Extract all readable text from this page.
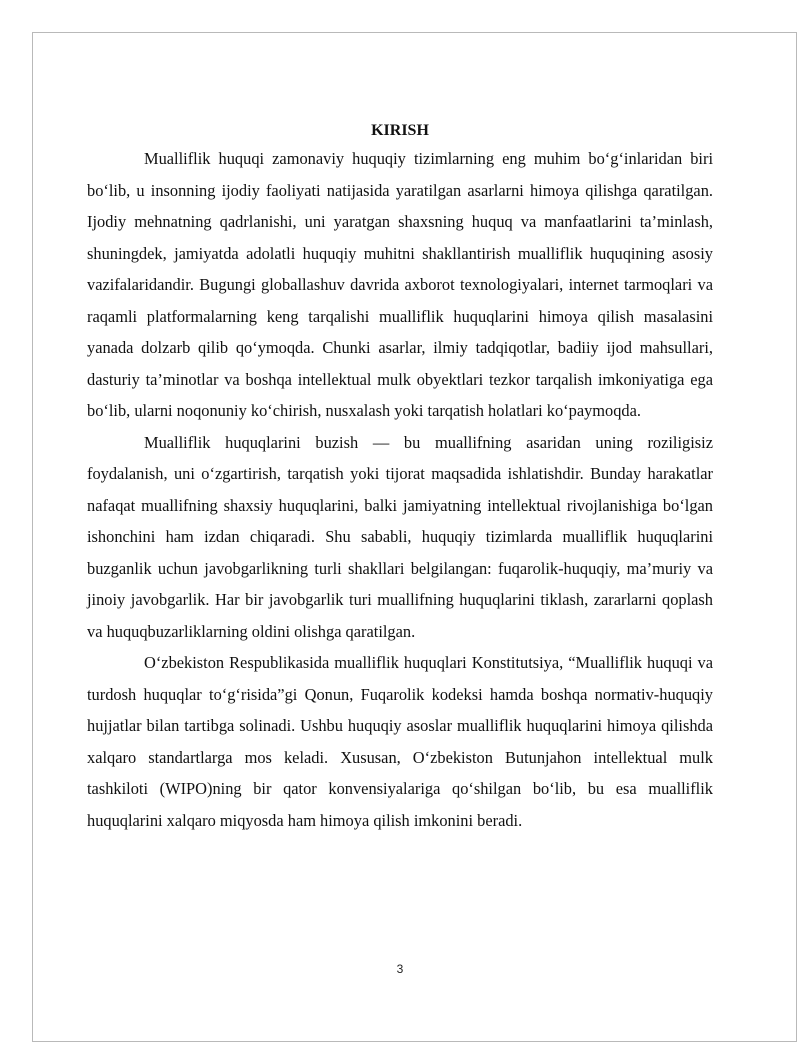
KIRISH

Mualliflik huquqi zamonaviy huquqiy tizimlarning eng muhim bo‘g‘inlaridan biri bo‘lib, u insonning ijodiy faoliyati natijasida yaratilgan asarlarni himoya qilishga qaratilgan. Ijodiy mehnatning qadrlanishi, uni yaratgan shaxsning huquq va manfaatlarini ta’minlash, shuningdek, jamiyatda adolatli huquqiy muhitni shakllantirish mualliflik huquqining asosiy vazifalaridandir. Bugungi globallashuv davrida axborot texnologiyalari, internet tarmoqlari va raqamli platformalarning keng tarqalishi mualliflik huquqlarini himoya qilish masalasini yanada dolzarb qilib qo‘ymoqda. Chunki asarlar, ilmiy tadqiqotlar, badiiy ijod mahsullari, dasturiy ta’minotlar va boshqa intellektual mulk obyektlari tezkor tarqalish imkoniyatiga ega bo‘lib, ularni noqonuniy ko‘chirish, nusxalash yoki tarqatish holatlari ko‘paymoqda.

Mualliflik huquqlarini buzish — bu muallifning asaridan uning roziligisiz foydalanish, uni o‘zgartirish, tarqatish yoki tijorat maqsadida ishlatishdir. Bunday harakatlar nafaqat muallifning shaxsiy huquqlarini, balki jamiyatning intellektual rivojlanishiga bo‘lgan ishonchini ham izdan chiqaradi. Shu sababli, huquqiy tizimlarda mualliflik huquqlarini buzganlik uchun javobgarlikning turli shakllari belgilangan: fuqarolik-huquqiy, ma’muriy va jinoiy javobgarlik. Har bir javobgarlik turi muallifning huquqlarini tiklash, zararlarni qoplash va huquqbuzarliklarning oldini olishga qaratilgan.

O‘zbekiston Respublikasida mualliflik huquqlari Konstitutsiya, “Mualliflik huquqi va turdosh huquqlar to‘g‘risida”gi Qonun, Fuqarolik kodeksi hamda boshqa normativ-huquqiy hujjatlar bilan tartibga solinadi. Ushbu huquqiy asoslar mualliflik huquqlarini himoya qilishda xalqaro standartlarga mos keladi. Xususan, O‘zbekiston Butunjahon intellektual mulk tashkiloti (WIPO)ning bir qator konvensiyalariga qo‘shilgan bo‘lib, bu esa mualliflik huquqlarini xalqaro miqyosda ham himoya qilish imkonini beradi.

3
